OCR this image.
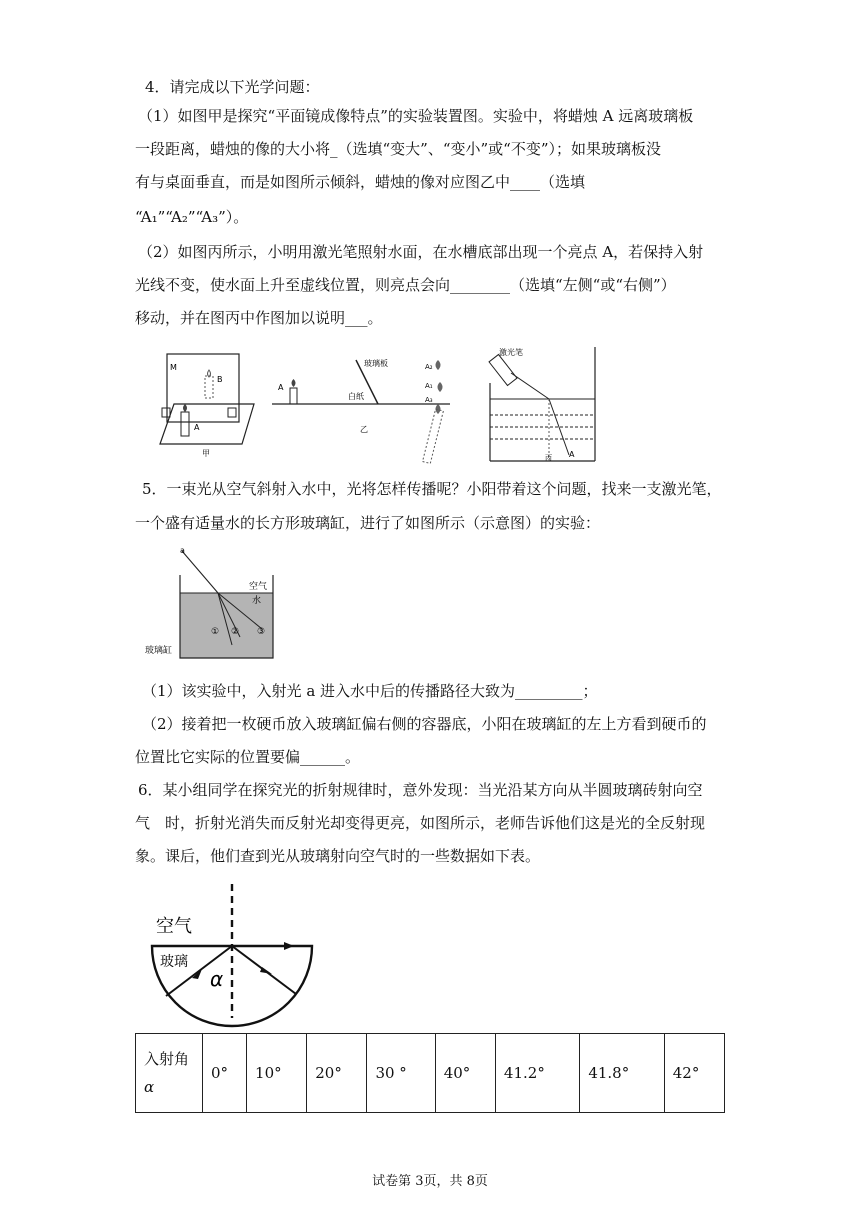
4．请完成以下光学问题：
（1）如图甲是探究“平面镜成像特点”的实验装置图。实验中，将蜡烛 A 远离玻璃板
一段距离，蜡烛的像的大小将_（选填“变大”、“变小”或“不变”）；如果玻璃板没
有与桌面垂直，而是如图所示倾斜，蜡烛的像对应图乙中____（选填
“A₁”“A₂”“A₃”）。
（2）如图丙所示，小明用激光笔照射水面，在水槽底部出现一个亮点 A，若保持入射
光线不变，使水面上升至虚线位置，则亮点会向________（选填“左侧“或“右侧”）
移动，并在图丙中作图加以说明___。
M
B
A
甲
A
玻璃板
白纸
A₂
A₁
A₃
乙
激光笔
A
丙
5．一束光从空气斜射入水中，光将怎样传播呢？小阳带着这个问题，找来一支激光笔，
一个盛有适量水的长方形玻璃缸，进行了如图所示（示意图）的实验：
a
空气
水
① ② ③
玻璃缸
（1）该实验中，入射光 a 进入水中后的传播路径大致为_________；
（2）接着把一枚硬币放入玻璃缸偏右侧的容器底，小阳在玻璃缸的左上方看到硬币的
位置比它实际的位置要偏______。
6．某小组同学在探究光的折射规律时，意外发现：当光沿某方向从半圆玻璃砖射向空
气　时，折射光消失而反射光却变得更亮，如图所示，老师告诉他们这是光的全反射现
象。课后，他们查到光从玻璃射向空气时的一些数据如下表。
空气
玻璃
α
入射角
α	0°	10°	20°	30 °	40°	41.2°	41.8°	42°
试卷第 3页，共 8页
